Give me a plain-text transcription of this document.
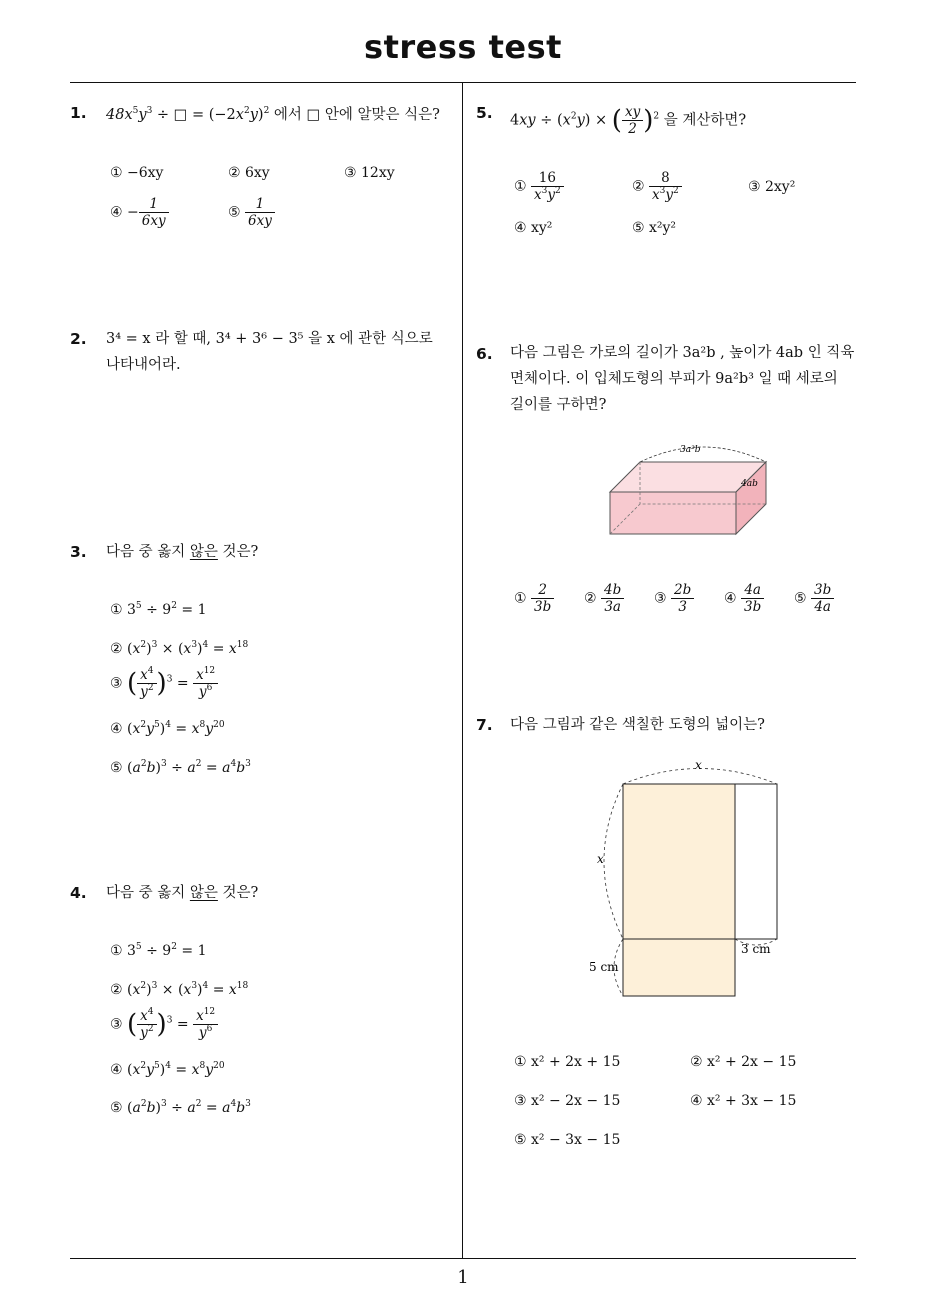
stress test
1. $48x^5y^3$ ÷ □ = $(-2x^2y)^2$ 에서 □ 안에 알맞은 식은?
① −6xy	② 6xy	③ 12xy
④ − $\frac{1}{6xy}$	⑤ $\frac{1}{6xy}$
2. 3⁴ = x 라 할 때, 3⁴ + 3⁶ − 3⁵ 을 x 에 관한 식으로
나타내어라.
3. 다음 중 옳지 않은 것은?
① $3^5 \div 9^2 = 1$
② $(x^2)^3 \times (x^3)^4 = x^{18}$
③ ( $\frac{x^4}{y^2} )^3 = \frac{x^{12}}{y^6}$
④ $(x^2y^5)^4 = x^8y^{20}$
⑤ $(a^2b)^3 \div a^2 = a^4b^3$
4. 다음 중 옳지 않은 것은?
① $3^5 \div 9^2 = 1$
② $(x^2)^3 \times (x^3)^4 = x^{18}$
③ ( $\frac{x^4}{y^2} )^3 = \frac{x^{12}}{y^6}$
④ $(x^2y^5)^4 = x^8y^{20}$
⑤ $(a^2b)^3 \div a^2 = a^4b^3$
5. $4xy \div (x^2y)$ × ( $\frac{xy}{2} )^2$ 을 계산하면?
① $\frac{16}{x^3y^2}$	② $\frac{8}{x^3y^2}$	③ 2xy²
④ xy²	⑤ x²y²
6. 다음 그림은 가로의 길이가 3a²b , 높이가 4ab 인 직육
면체이다. 이 입체도형의 부피가 9a²b³ 일 때 세로의
길이를 구하면?
3a²b
4ab
① $\frac{2}{3b}$ ② $\frac{4b}{3a}$ ③ $\frac{2b}{3}$ ④ $\frac{4a}{3b}$ ⑤ $\frac{3b}{4a}$
7. 다음 그림과 같은 색칠한 도형의 넓이는?
x
x
3 cm
5 cm
① x² + 2x + 15	② x² + 2x − 15
③ x² − 2x − 15	④ x² + 3x − 15
⑤ x² − 3x − 15
1
